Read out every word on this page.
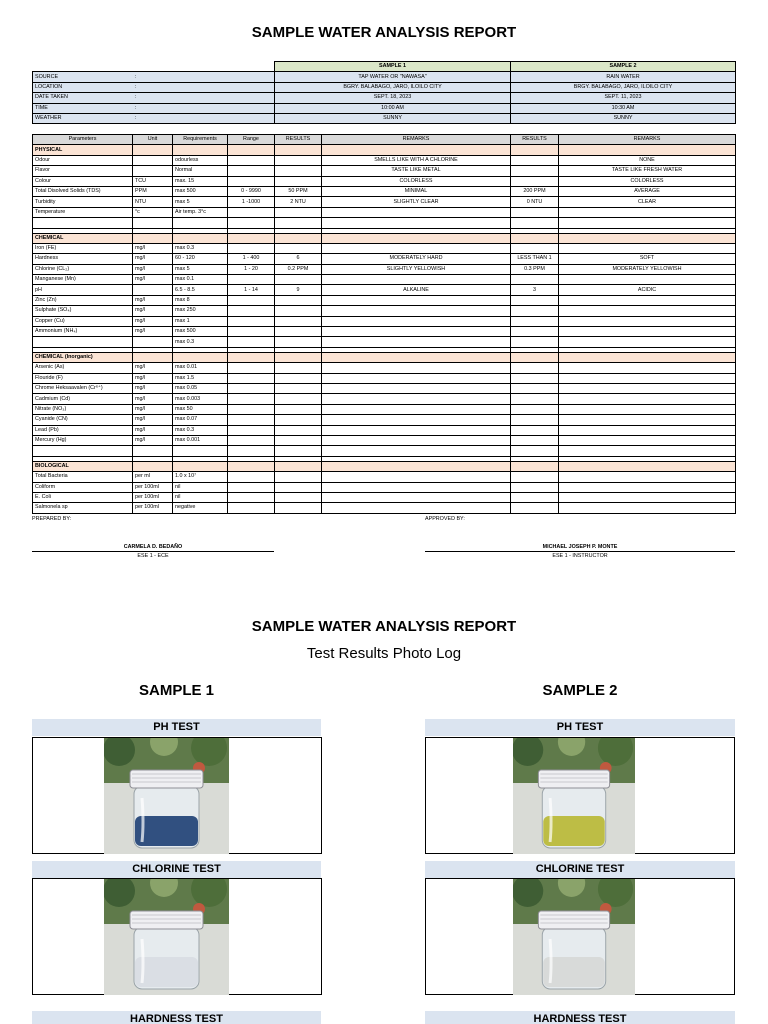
SAMPLE WATER ANALYSIS REPORT
		SAMPLE 1	SAMPLE 2
SOURCE	:	TAP WATER OR "NAWASA"	RAIN WATER
LOCATION	:	BGRY. BALABAGO, JARO, ILOILO CITY	BRGY. BALABAGO, JARO, ILOILO CITY
DATE TAKEN	:	SEPT. 18, 2023	SEPT. 11, 2023
TIME	:	10:00 AM	10:30 AM
WEATHER	:	SUNNY	SUNNY
Parameters	Unit	Requirements	Range	RESULTS	REMARKS	RESULTS	REMARKS
PHYSICAL							
Odour		odourless			SMELLS LIKE WITH A CHLORINE		NONE
Flavor		Normal			TASTE LIKE METAL		TASTE LIKE FRESH WATER
Colour	TCU	max. 15			COLORLESS		COLORLESS
Total Disolved Solids (TDS)	PPM	max 500	0 - 9990	50 PPM	MINIMAL	200 PPM	AVERAGE
Turbidity	NTU	max 5	1 -1000	2 NTU	SLIGHTLY CLEAR	0 NTU	CLEAR
Temperature	°c	Air temp. 3°c					

CHEMICAL							
Iron (FE)	mg/l	max 0.3					
Hardness	mg/l	60 - 120	1 - 400	6	MODERATELY HARD	LESS THAN 1	SOFT
Chlorine (CL₂)	mg/l	max 5	1 - 20	0.2 PPM	SLIGHTLY YELLOWISH	0.3 PPM	MODERATELY YELLOWISH
Manganese (Mn)	mg/l	max 0.1					
pH		6.5 - 8.5	1 - 14	9	ALKALINE	3	ACIDIC
Zinc (Zn)	mg/l	max 8					
Sulphate (SO₄)	mg/l	max 250					
Copper (Cu)	mg/l	max 1					
Ammonium (NH₄)	mg/l	max 500					
		max 0.3					

CHEMICAL (Inorganic)							
Arsenic (As)	mg/l	max 0.01					
Flouride (F)	mg/l	max 1.5					
Chrome Heksaavalen (Cr⁶⁺)	mg/l	max 0.05					
Cadmium (Cd)	mg/l	max 0.003					
Nitrate (NO₃)	mg/l	max 50					
Cyanide (CN)	mg/l	max 0.07					
Lead (Pb)	mg/l	max 0.3					
Mercury (Hg)	mg/l	max 0.001					

BIOLOGICAL							
Total Bacteria	per ml	1.0 x 10⁷					
Coliform	per 100ml	nil					
E. Coli	per 100ml	nil					
Salmonela sp	per 100ml	negative					
PREPARED BY:	APPROVED BY:
CARMELA D. BEDAÑO	MICHAEL JOSEPH P. MONTE
ESE 1 - ECE	ESE 1 - INSTRUCTOR
SAMPLE WATER ANALYSIS REPORT
Test Results Photo Log
SAMPLE 1	SAMPLE 2
PH TEST	PH TEST
CHLORINE TEST	CHLORINE TEST
HARDNESS TEST	HARDNESS TEST
